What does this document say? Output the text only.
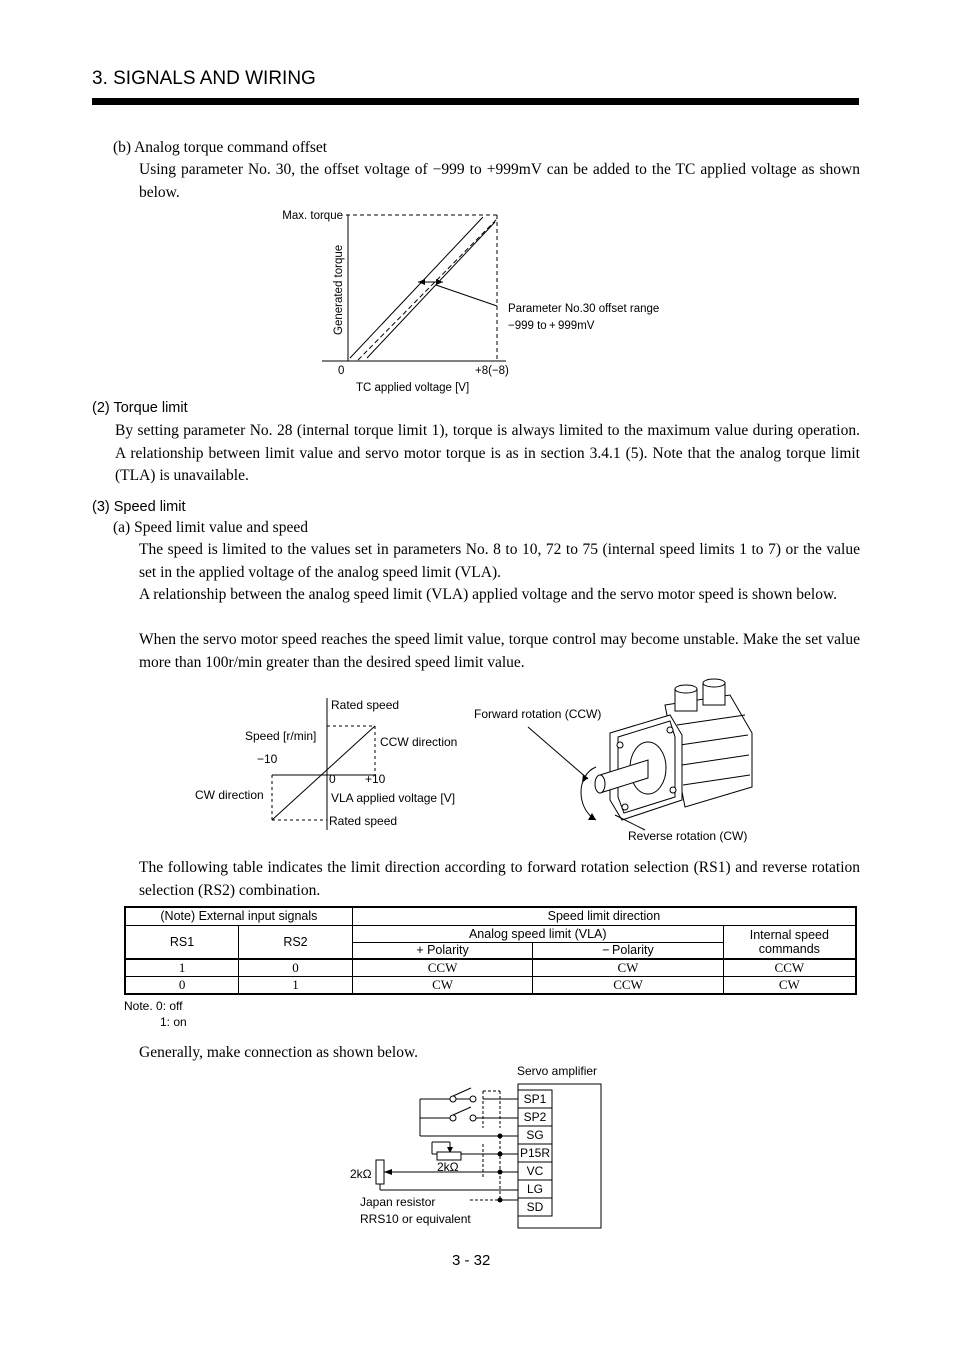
3. SIGNALS AND WIRING
(b) Analog torque command offset
Using parameter No. 30, the offset voltage of −999 to +999mV can be added to the TC applied voltage as shown below.
Max. torque
Generated torque
0	+8(−8)
TC applied voltage [V]
Parameter No.30 offset range
−999 to + 999mV
(2) Torque limit
By setting parameter No. 28 (internal torque limit 1), torque is always limited to the maximum value during operation. A relationship between limit value and servo motor torque is as in section 3.4.1 (5). Note that the analog torque limit (TLA) is unavailable.
(3) Speed limit
(a) Speed limit value and speed
The speed is limited to the values set in parameters No. 8 to 10, 72 to 75 (internal speed limits 1 to 7) or the value set in the applied voltage of the analog speed limit (VLA).
A relationship between the analog speed limit (VLA) applied voltage and the servo motor speed is shown below.
When the servo motor speed reaches the speed limit value, torque control may become unstable. Make the set value more than 100r/min greater than the desired speed limit value.
Rated speed
Speed [r/min]	CCW direction
−10
0 +10
CW direction	VLA applied voltage [V]
Rated speed
Forward rotation (CCW)
Reverse rotation (CW)
The following table indicates the limit direction according to forward rotation selection (RS1) and reverse rotation selection (RS2) combination.
(Note) External input signals		Speed limit direction		
RS1	RS2	Analog speed limit (VLA)		Internal speed commands
		+ Polarity	− Polarity	
1	0	CCW	CW	CCW
0	1	CW	CCW	CW
Note. 0: off
1: on
Generally, make connection as shown below.
Servo amplifier
SP1
SP2
SG
P15R
VC
LG
SD
2kΩ
2kΩ
Japan resistor
RRS10 or equivalent
3 - 32
